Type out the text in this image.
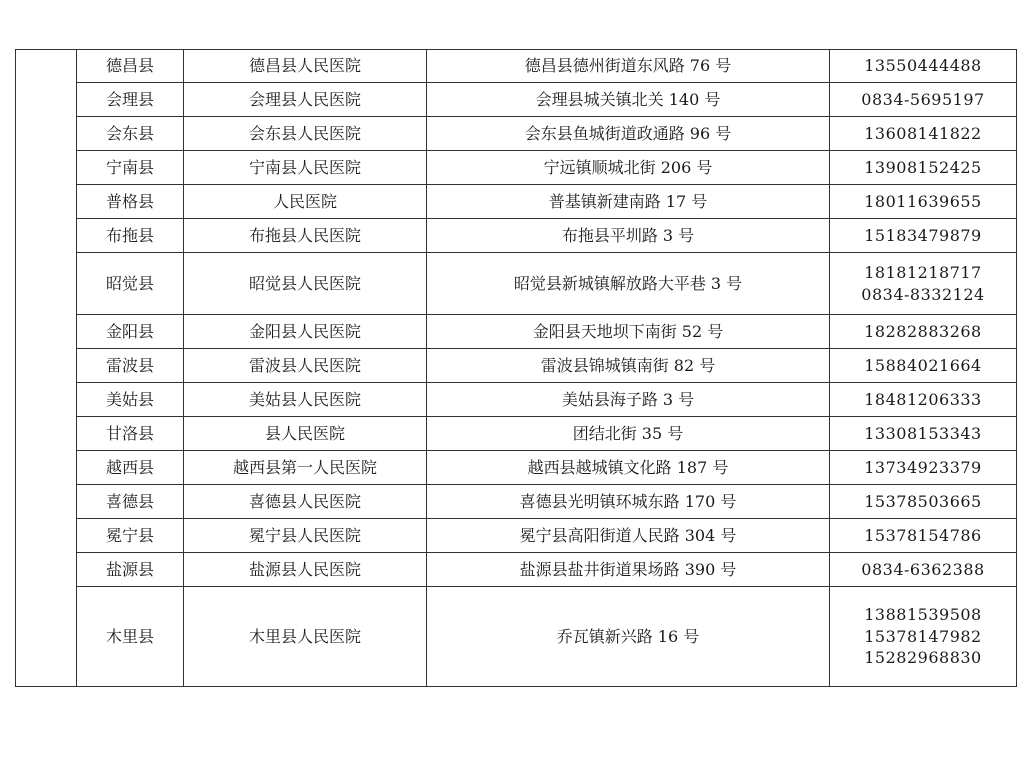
	德昌县	德昌县人民医院	德昌县德州街道东风路 76 号	13550444488

	会理县	会理县人民医院	会理县城关镇北关 140 号	0834-5695197

	会东县	会东县人民医院	会东县鱼城街道政通路 96 号	13608141822

	宁南县	宁南县人民医院	宁远镇顺城北街 206 号	13908152425

	普格县	人民医院	普基镇新建南路 17 号	18011639655

	布拖县	布拖县人民医院	布拖县平圳路 3 号	15183479879

	昭觉县	昭觉县人民医院	昭觉县新城镇解放路大平巷 3 号	18181218717
0834-8332124

	金阳县	金阳县人民医院	金阳县天地坝下南街 52 号	18282883268

	雷波县	雷波县人民医院	雷波县锦城镇南街 82 号	15884021664

	美姑县	美姑县人民医院	美姑县海子路 3 号	18481206333

	甘洛县	县人民医院	团结北街 35 号	13308153343

	越西县	越西县第一人民医院	越西县越城镇文化路 187 号	13734923379

	喜德县	喜德县人民医院	喜德县光明镇环城东路 170 号	15378503665

	冕宁县	冕宁县人民医院	冕宁县高阳街道人民路 304 号	15378154786

	盐源县	盐源县人民医院	盐源县盐井街道果场路 390 号	0834-6362388

	木里县	木里县人民医院	乔瓦镇新兴路 16 号	13881539508
15378147982
15282968830
